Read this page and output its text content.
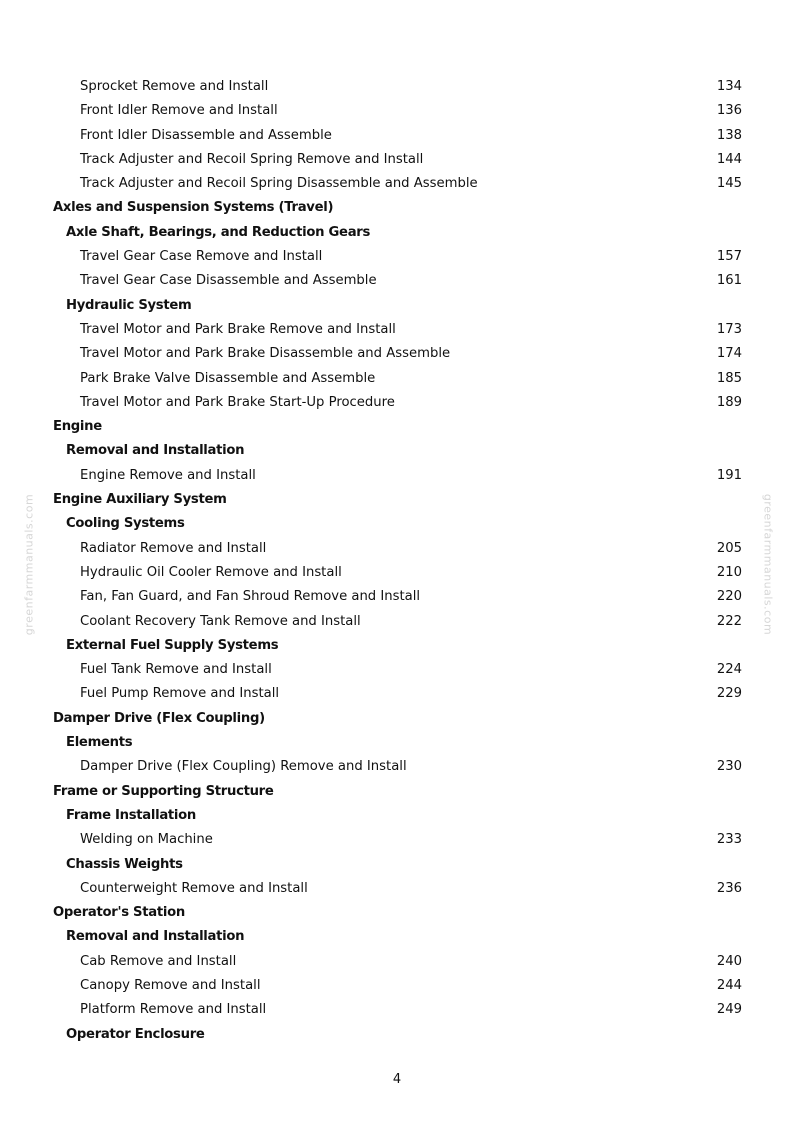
Sprocket Remove and Install	134
Front Idler Remove and Install	136
Front Idler Disassemble and Assemble	138
Track Adjuster and Recoil Spring Remove and Install	144
Track Adjuster and Recoil Spring Disassemble and Assemble	145
Axles and Suspension Systems (Travel)
Axle Shaft, Bearings, and Reduction Gears
Travel Gear Case Remove and Install	157
Travel Gear Case Disassemble and Assemble	161
Hydraulic System
Travel Motor and Park Brake Remove and Install	173
Travel Motor and Park Brake Disassemble and Assemble	174
Park Brake Valve Disassemble and Assemble	185
Travel Motor and Park Brake Start-Up Procedure	189
Engine
Removal and Installation
Engine Remove and Install	191
Engine Auxiliary System
Cooling Systems
Radiator Remove and Install	205
Hydraulic Oil Cooler Remove and Install	210
Fan, Fan Guard, and Fan Shroud Remove and Install	220
Coolant Recovery Tank Remove and Install	222
External Fuel Supply Systems
Fuel Tank Remove and Install	224
Fuel Pump Remove and Install	229
Damper Drive (Flex Coupling)
Elements
Damper Drive (Flex Coupling) Remove and Install	230
Frame or Supporting Structure
Frame Installation
Welding on Machine	233
Chassis Weights
Counterweight Remove and Install	236
Operator's Station
Removal and Installation
Cab Remove and Install	240
Canopy Remove and Install	244
Platform Remove and Install	249
Operator Enclosure
4
greenfarmmanuals.com	greenfarmmanuals.com
